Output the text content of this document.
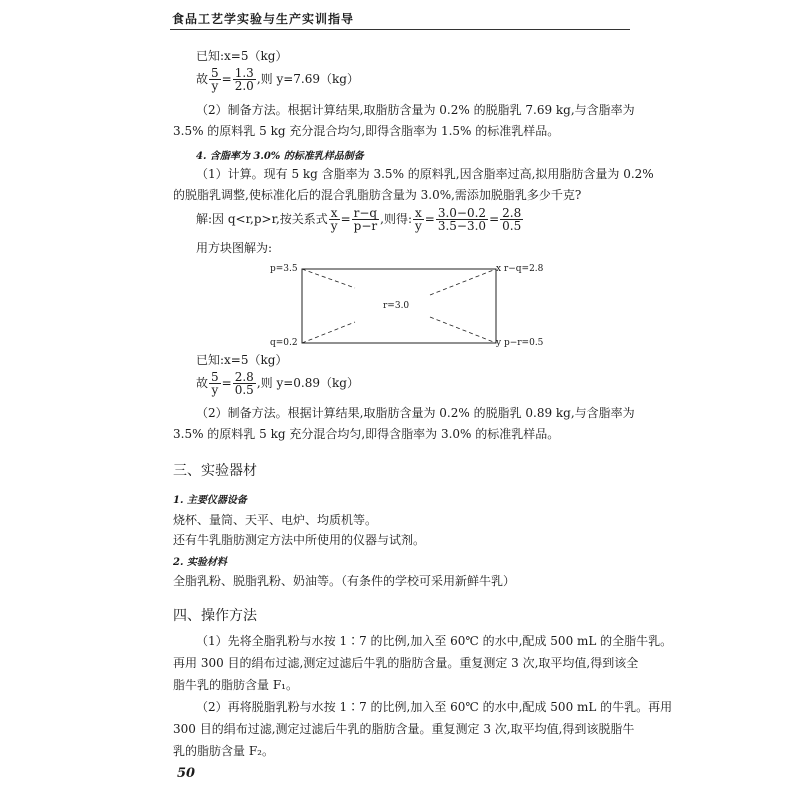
食品工艺学实验与生产实训指导
已知:x=5（kg）
故 $\frac{5}{y} = \frac{1.3}{2.0}$ ,则 y=7.69（kg）
（2）制备方法。根据计算结果,取脂肪含量为 0.2% 的脱脂乳 7.69 kg,与含脂率为
3.5% 的原料乳 5 kg 充分混合均匀,即得含脂率为 1.5% 的标准乳样品。
4. 含脂率为 3.0% 的标准乳样品制备
（1）计算。现有 5 kg 含脂率为 3.5% 的原料乳,因含脂率过高,拟用脂肪含量为 0.2%
的脱脂乳调整,使标准化后的混合乳脂肪含量为 3.0%,需添加脱脂乳多少千克?
解:因 q<r,p>r,按关系式 $\frac{x}{y} = \frac{r-q}{p-r}$ ,则得: $\frac{x}{y} = \frac{3.0-0.2}{3.5-3.0} = \frac{2.8}{0.5}$
用方块图解为:
p=3.5
q=0.2
r=3.0
x r−q=2.8
y p−r=0.5
已知:x=5（kg）
故 $\frac{5}{y} = \frac{2.8}{0.5}$ ,则 y=0.89（kg）
（2）制备方法。根据计算结果,取脂肪含量为 0.2% 的脱脂乳 0.89 kg,与含脂率为
3.5% 的原料乳 5 kg 充分混合均匀,即得含脂率为 3.0% 的标准乳样品。
三、实验器材
1. 主要仪器设备
烧杯、量筒、天平、电炉、均质机等。
还有牛乳脂肪测定方法中所使用的仪器与试剂。
2. 实验材料
全脂乳粉、脱脂乳粉、奶油等。（有条件的学校可采用新鲜牛乳）
四、操作方法
（1）先将全脂乳粉与水按 1∶7 的比例,加入至 60℃ 的水中,配成 500 mL 的全脂牛乳。
再用 300 目的绢布过滤,测定过滤后牛乳的脂肪含量。重复测定 3 次,取平均值,得到该全
脂牛乳的脂肪含量 F₁。
（2）再将脱脂乳粉与水按 1∶7 的比例,加入至 60℃ 的水中,配成 500 mL 的牛乳。再用
300 目的绢布过滤,测定过滤后牛乳的脂肪含量。重复测定 3 次,取平均值,得到该脱脂牛
乳的脂肪含量 F₂。
50
